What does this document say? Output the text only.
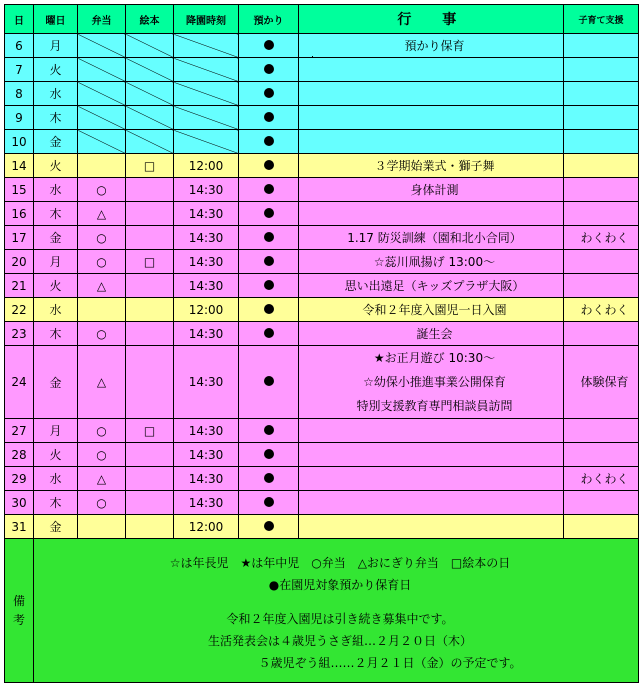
日	曜日	弁当	絵本	降園時刻	預かり	行　事	子育て支援
6	月					預かり保育	

7	火					

8	水					

9	木					

10	金					

14	火		□	12:00		３学期始業式・獅子舞	

15	水	○		14:30		身体計測	

16	木	△		14:30		

17	金	○		14:30		1.17 防災訓練（園和北小合同）	わくわく
20	月	○	□	14:30		☆蕊川凧揚げ 13:00～	

21	火	△		14:30		思い出遠足（キッズプラザ大阪）	

22	水			12:00		令和２年度入園児一日入園	わくわく
23	木	○		14:30		誕生会	

24	金	△		14:30		★お正月遊び 10:30～
☆幼保小推進事業公開保育
特別支援教育専門相談員訪問	体験保育
27	月	○	□	14:30		

28	火	○		14:30		

29	水	△		14:30			わくわく
30	木	○		14:30		

31	金			12:00		

備考	☆は年長児　★は年中児　○弁当　△おにぎり弁当　□絵本の日
●在園児対象預かり保育日
令和２年度入園児は引き続き募集中です。
生活発表会は４歳児うさぎ組…２月２０日（木）
５歳児ぞう組……２月２１日（金）の予定です。						
